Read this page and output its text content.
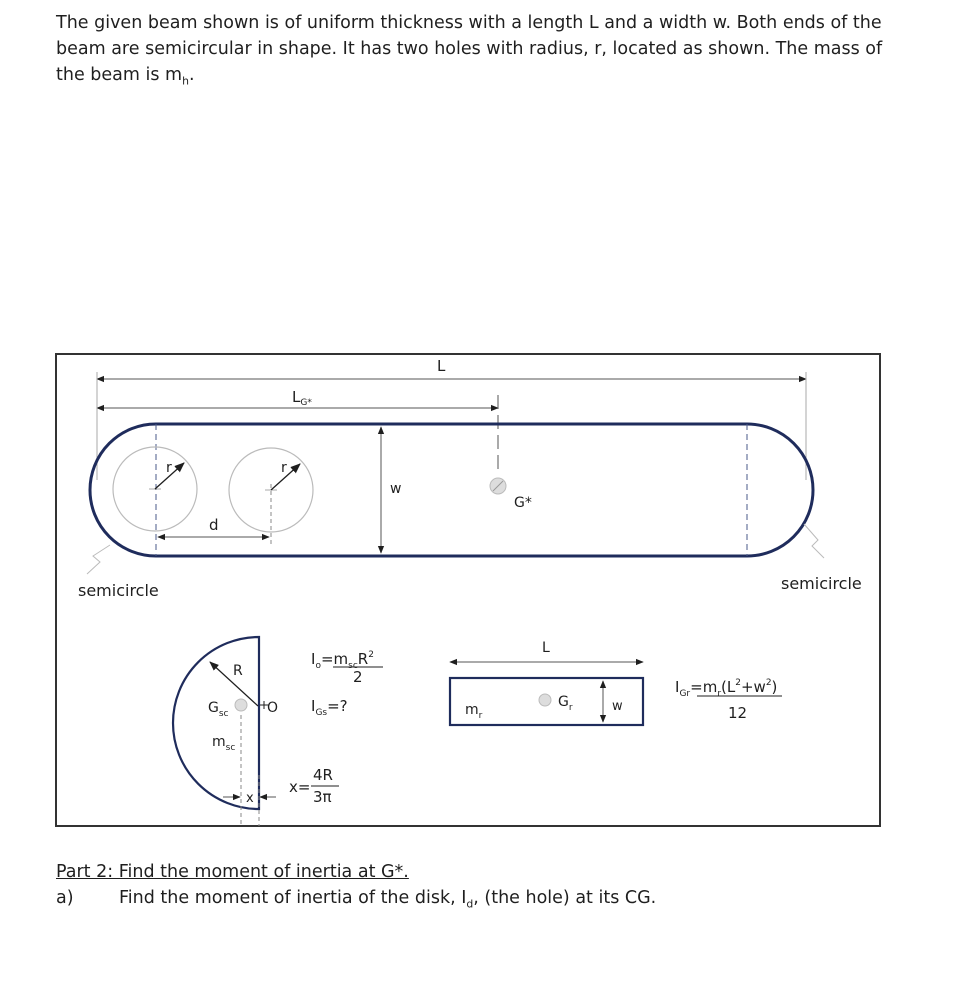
The given beam shown is of uniform thickness with a length L and a width w. Both ends of the beam are semicircular in shape. It has two holes with radius, r, located as shown. The mass of the beam is $m_h$.
L
$L_{G*}$
r	r
d
w
G*
semicircle	semicircle
R
$G_{sc}$	O
$m_{sc}$
x
$I_o=m_{sc}R^2$
2
$I_{Gs}=$?
x=
4R
3π
L
$m_r$
$G_r$	w
$I_{Gr}=m_r(L^2+w^2)$
12
Part 2: Find the moment of inertia at G*.
a)	Find the moment of inertia of the disk, $I_d$, (the hole) at its CG.
